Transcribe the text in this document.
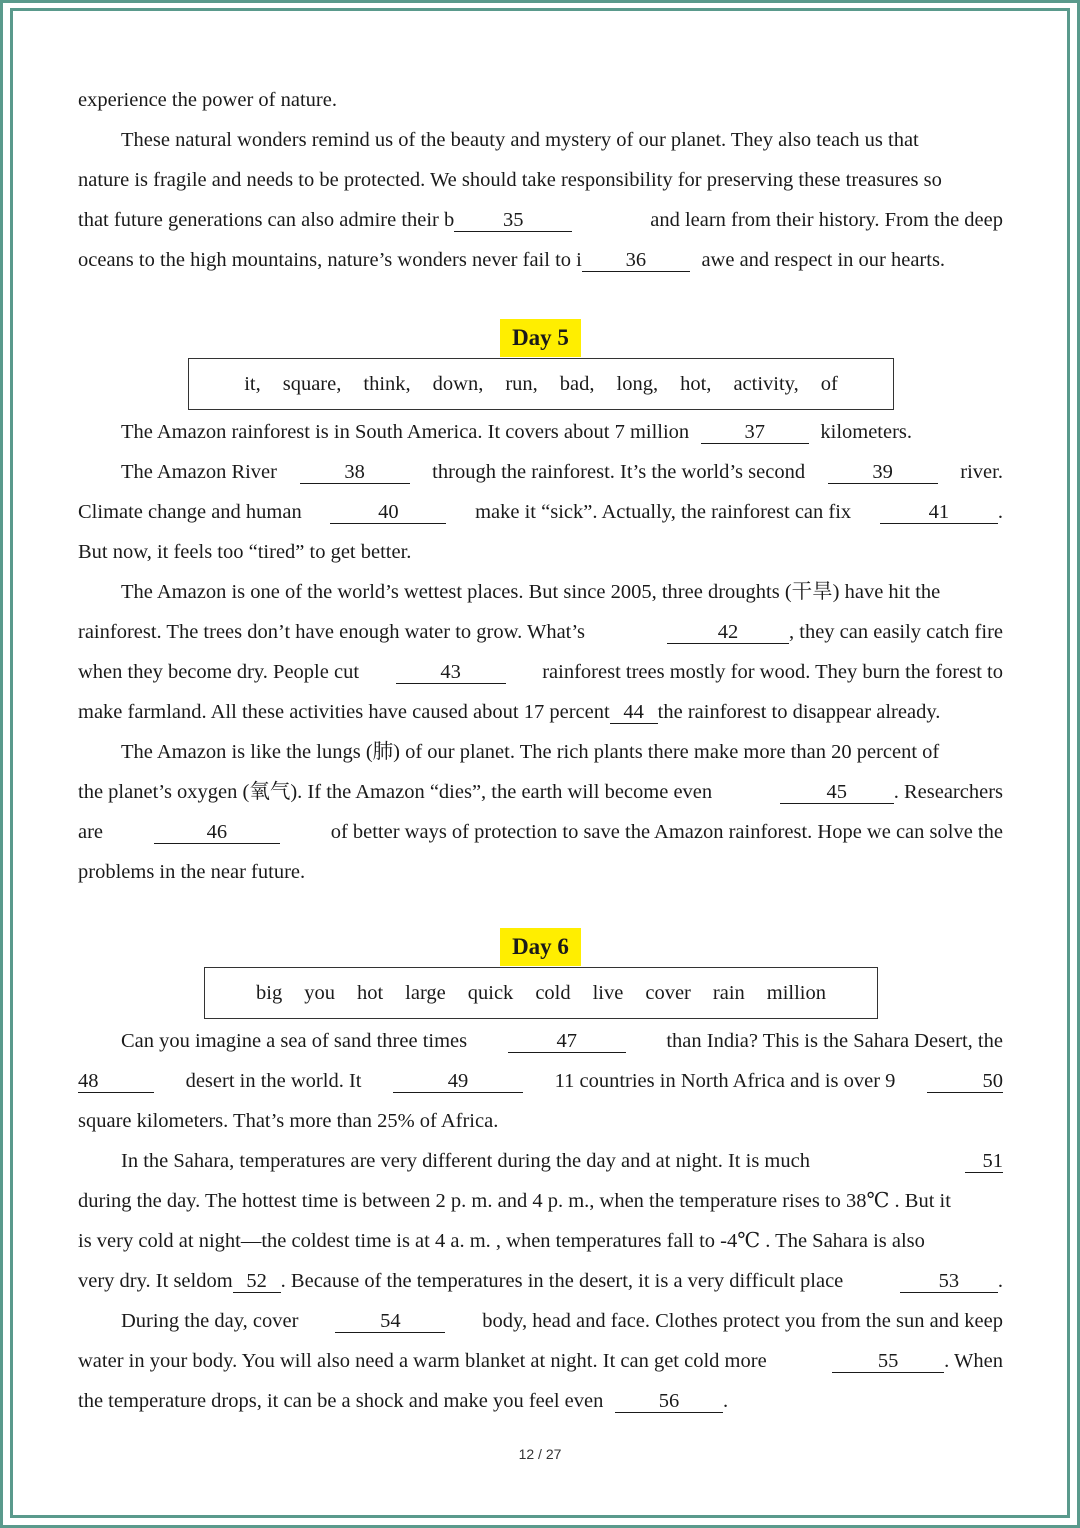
experience the power of nature.
These natural wonders remind us of the beauty and mystery of our planet. They also teach us that
nature is fragile and needs to be protected. We should take responsibility for preserving these treasures so
that future generations can also admire their b 35	and learn from their history. From the deep
oceans to the high mountains, nature’s wonders never fail to i 36	awe and respect in our hearts.
Day 5
it, square, think, down, run, bad, long, hot, activity, of
The Amazon rainforest is in South America. It covers about 7 million	37	kilometers.
The Amazon River	38	through the rainforest. It’s the world’s second	39	river.
Climate change and human	40	make it “sick”. Actually, the rainforest can fix	41 .
But now, it feels too “tired” to get better.
The Amazon is one of the world’s wettest places. But since 2005, three droughts (干旱) have hit the
rainforest. The trees don’t have enough water to grow. What’s	42 , they can easily catch fire
when they become dry. People cut	43	rainforest trees mostly for wood. They burn the forest to
make farmland. All these activities have caused about 17 percent 44 the rainforest to disappear already.
The Amazon is like the lungs (肺) of our planet. The rich plants there make more than 20 percent of
the planet’s oxygen (氧气). If the Amazon “dies”, the earth will become even	45 . Researchers
are	46	of better ways of protection to save the Amazon rainforest. Hope we can solve the
problems in the near future.
Day 6
big you hot large quick cold live cover rain million
Can you imagine a sea of sand three times	47	than India? This is the Sahara Desert, the
48	desert in the world. It	49	11 countries in North Africa and is over 9	50
square kilometers. That’s more than 25% of Africa.
In the Sahara, temperatures are very different during the day and at night. It is much	51
during the day. The hottest time is between 2 p. m. and 4 p. m., when the temperature rises to 38℃ . But it
is very cold at night—the coldest time is at 4 a. m. , when temperatures fall to -4℃ . The Sahara is also
very dry. It seldom 52 . Because of the temperatures in the desert, it is a very difficult place	53 .
During the day, cover	54	body, head and face. Clothes protect you from the sun and keep
water in your body. You will also need a warm blanket at night. It can get cold more	55 . When
the temperature drops, it can be a shock and make you feel even	56 .
12 / 27
